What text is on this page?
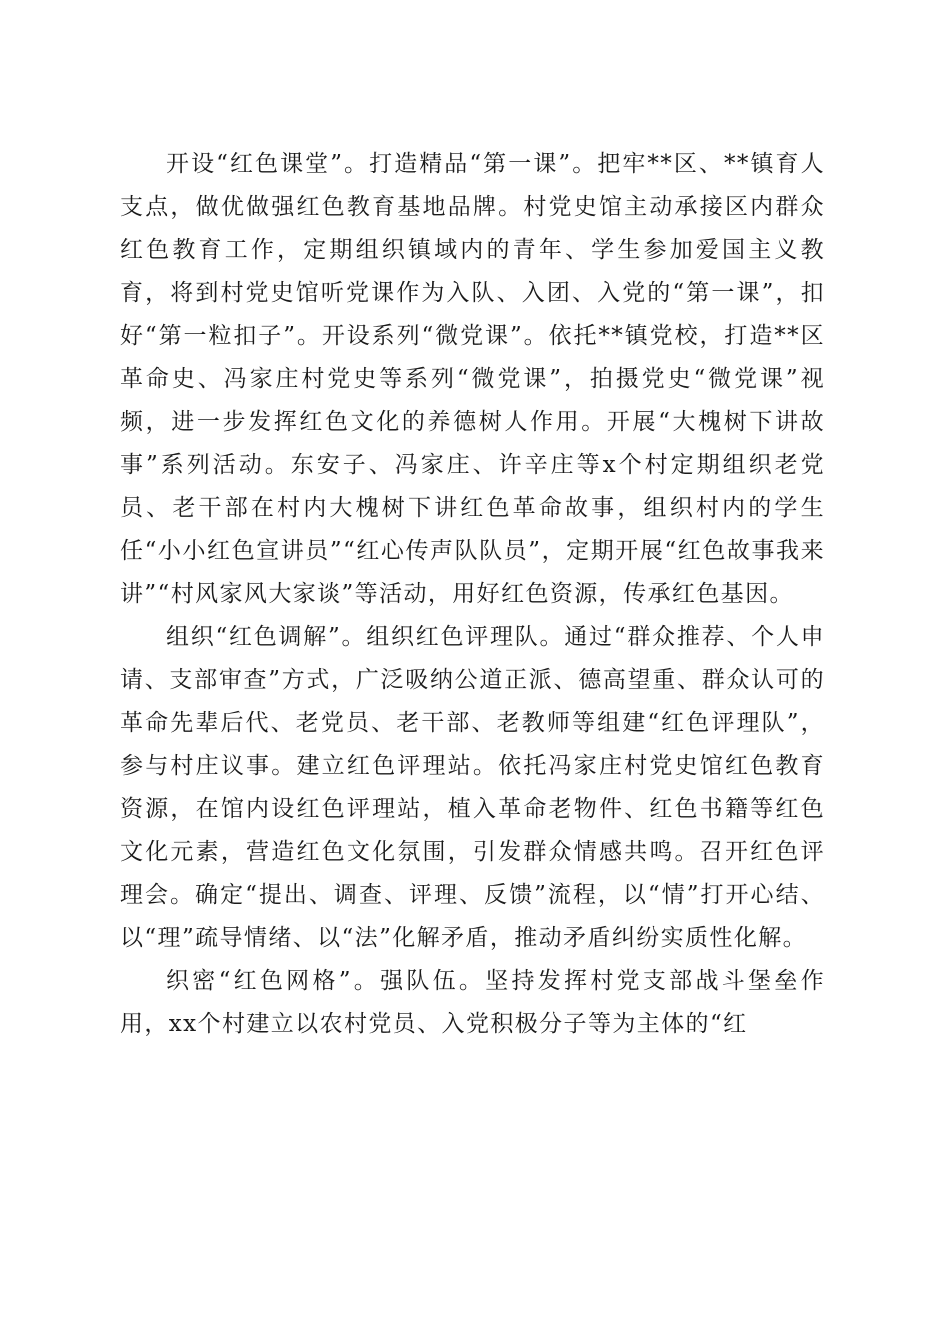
开设“红色课堂”。打造精品“第一课”。把牢**区、**镇育人支点，做优做强红色教育基地品牌。村党史馆主动承接区内群众红色教育工作，定期组织镇域内的青年、学生参加爱国主义教育，将到村党史馆听党课作为入队、入团、入党的“第一课”，扣好“第一粒扣子”。开设系列“微党课”。依托**镇党校，打造**区革命史、冯家庄村党史等系列“微党课”，拍摄党史“微党课”视频，进一步发挥红色文化的养德树人作用。开展“大槐树下讲故事”系列活动。东安子、冯家庄、许辛庄等x个村定期组织老党员、老干部在村内大槐树下讲红色革命故事，组织村内的学生任“小小红色宣讲员”“红心传声队队员”，定期开展“红色故事我来讲”“村风家风大家谈”等活动，用好红色资源，传承红色基因。

组织“红色调解”。组织红色评理队。通过“群众推荐、个人申请、支部审查”方式，广泛吸纳公道正派、德高望重、群众认可的革命先辈后代、老党员、老干部、老教师等组建“红色评理队”，参与村庄议事。建立红色评理站。依托冯家庄村党史馆红色教育资源，在馆内设红色评理站，植入革命老物件、红色书籍等红色文化元素，营造红色文化氛围，引发群众情感共鸣。召开红色评理会。确定“提出、调查、评理、反馈”流程，以“情”打开心结、以“理”疏导情绪、以“法”化解矛盾，推动矛盾纠纷实质性化解。

织密“红色网格”。强队伍。坚持发挥村党支部战斗堡垒作用，xx个村建立以农村党员、入党积极分子等为主体的“红
